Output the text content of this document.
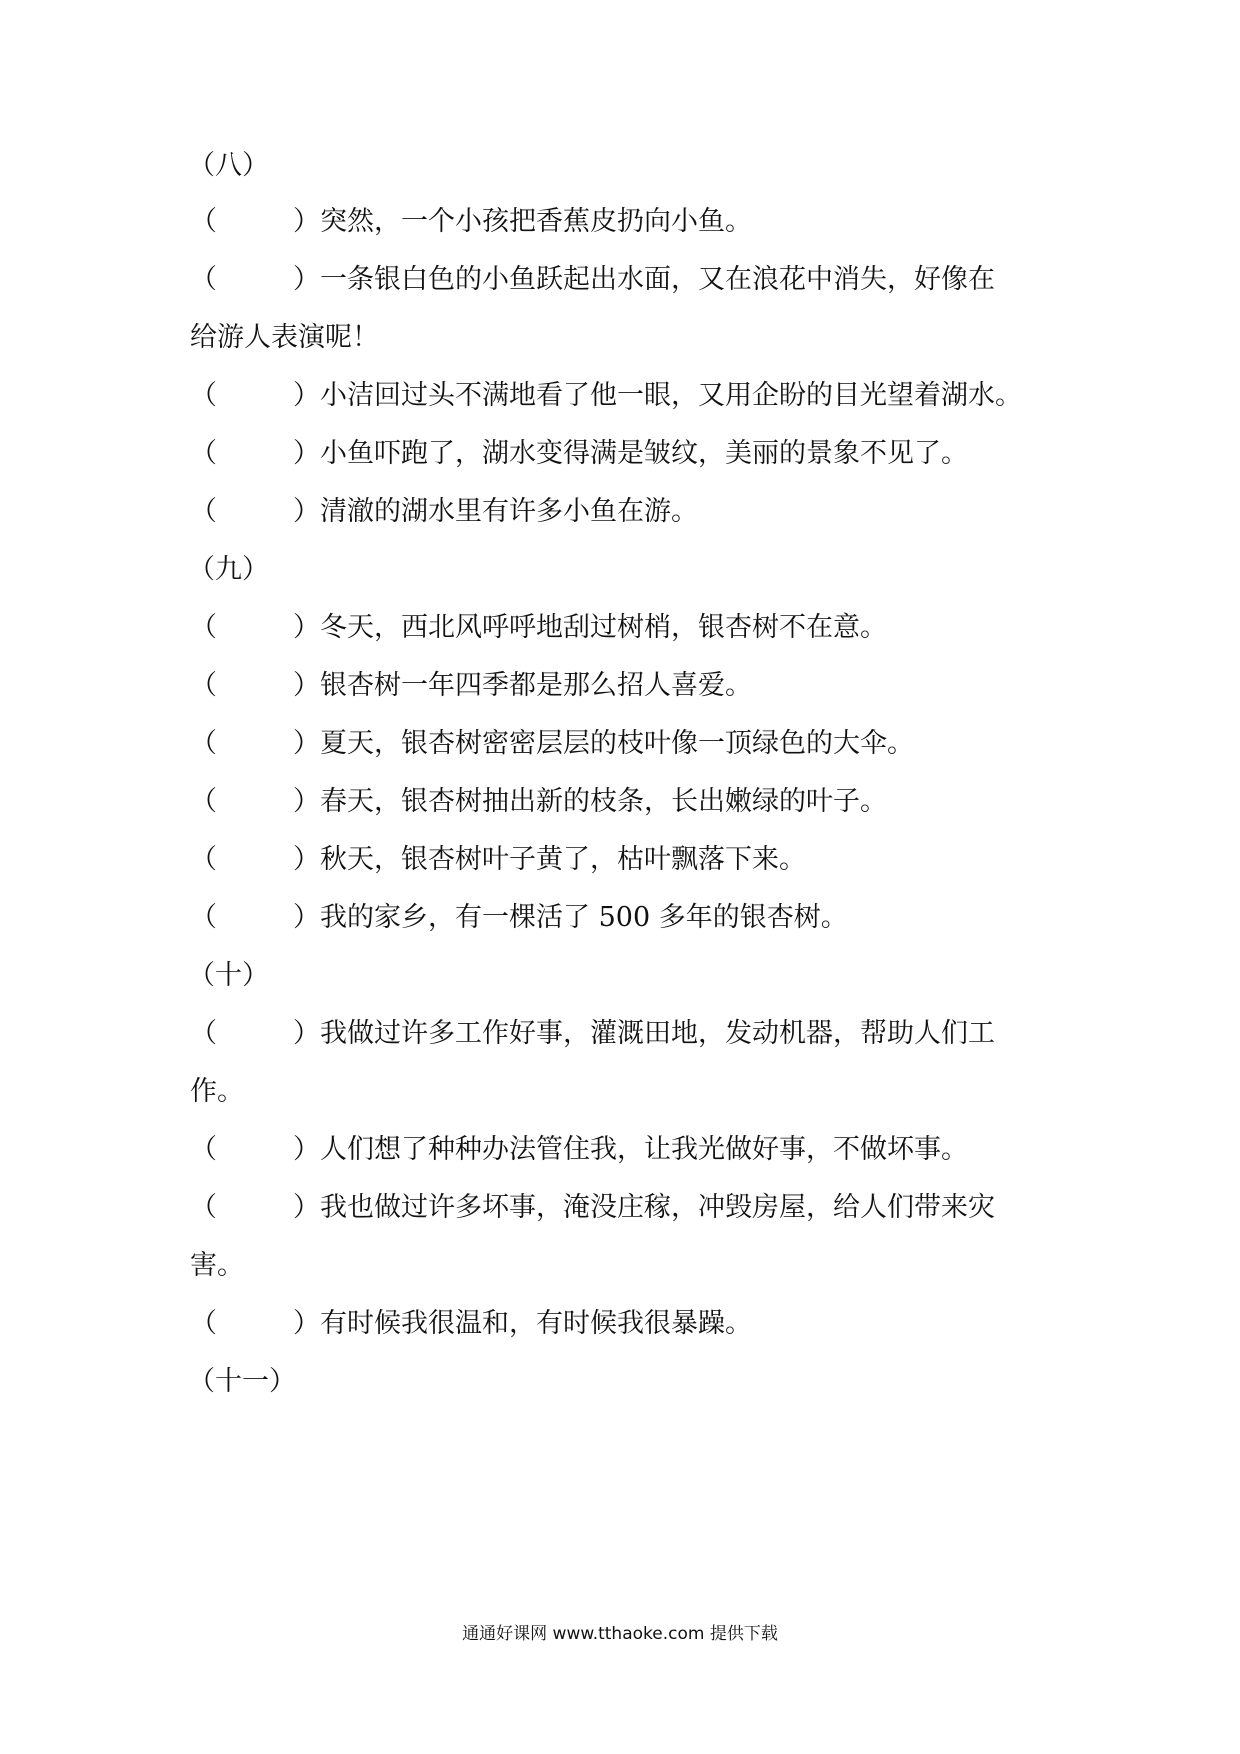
（八）
（	）突然，一个小孩把香蕉皮扔向小鱼。
（	）一条银白色的小鱼跃起出水面，又在浪花中消失，好像在
给游人表演呢！
（	）小洁回过头不满地看了他一眼，又用企盼的目光望着湖水。
（	）小鱼吓跑了，湖水变得满是皱纹，美丽的景象不见了。
（	）清澈的湖水里有许多小鱼在游。
（九）
（	）冬天，西北风呼呼地刮过树梢，银杏树不在意。
（	）银杏树一年四季都是那么招人喜爱。
（	）夏天，银杏树密密层层的枝叶像一顶绿色的大伞。
（	）春天，银杏树抽出新的枝条，长出嫩绿的叶子。
（	）秋天，银杏树叶子黄了，枯叶飘落下来。
（	）我的家乡，有一棵活了 500 多年的银杏树。
（十）
（	）我做过许多工作好事，灌溉田地，发动机器，帮助人们工
作。
（	）人们想了种种办法管住我，让我光做好事，不做坏事。
（	）我也做过许多坏事，淹没庄稼，冲毁房屋，给人们带来灾
害。
（	）有时候我很温和，有时候我很暴躁。
（十一）
通通好课网 www.tthaoke.com 提供下载
